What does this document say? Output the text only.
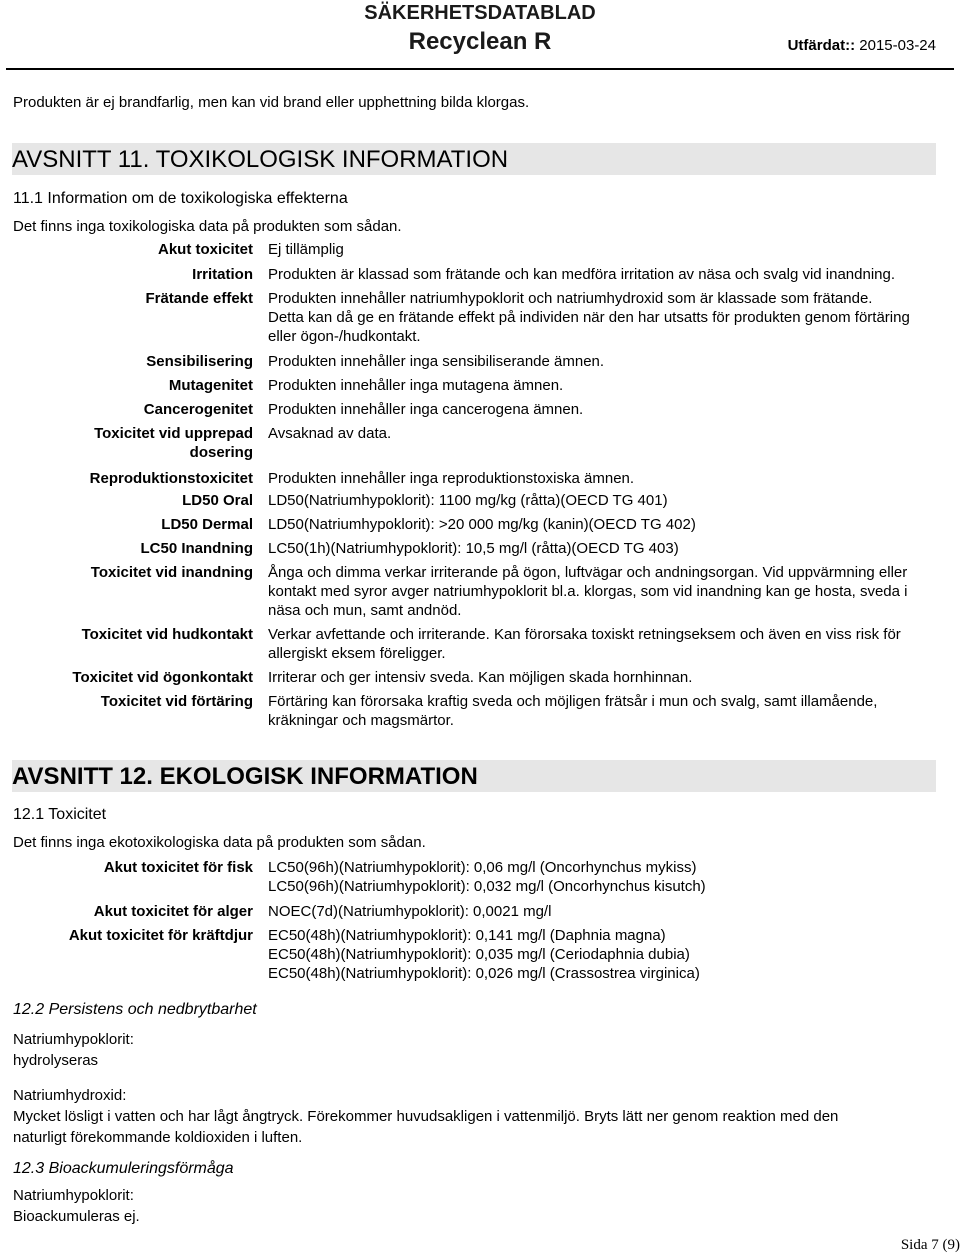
SÄKERHETSDATABLAD
Recyclean R	Utfärdat:: 2015-03-24
Produkten är ej brandfarlig, men kan vid brand eller upphettning bilda klorgas.
AVSNITT 11. TOXIKOLOGISK INFORMATION
11.1 Information om de toxikologiska effekterna
Det finns inga toxikologiska data på produkten som sådan.
Akut toxicitet Ej tillämplig
Irritation Produkten är klassad som frätande och kan medföra irritation av näsa och svalg vid inandning.
Frätande effekt Produkten innehåller natriumhypoklorit och natriumhydroxid som är klassade som frätande.
Detta kan då ge en frätande effekt på individen när den har utsatts för produkten genom förtäring
eller ögon-/hudkontakt.
Sensibilisering Produkten innehåller inga sensibiliserande ämnen.
Mutagenitet Produkten innehåller inga mutagena ämnen.
Cancerogenitet Produkten innehåller inga cancerogena ämnen.
Toxicitet vid upprepad
dosering
Avsaknad av data.
Reproduktionstoxicitet Produkten innehåller inga reproduktionstoxiska ämnen.
LD50 Oral LD50(Natriumhypoklorit): 1100 mg/kg (råtta)(OECD TG 401)
LD50 Dermal LD50(Natriumhypoklorit): >20 000 mg/kg (kanin)(OECD TG 402)
LC50 Inandning LC50(1h)(Natriumhypoklorit): 10,5 mg/l (råtta)(OECD TG 403)
Toxicitet vid inandning Ånga och dimma verkar irriterande på ögon, luftvägar och andningsorgan. Vid uppvärmning eller
kontakt med syror avger natriumhypoklorit bl.a. klorgas, som vid inandning kan ge hosta, sveda i
näsa och mun, samt andnöd.
Toxicitet vid hudkontakt Verkar avfettande och irriterande. Kan förorsaka toxiskt retningseksem och även en viss risk för
allergiskt eksem föreligger.
Toxicitet vid ögonkontakt Irriterar och ger intensiv sveda. Kan möjligen skada hornhinnan.
Toxicitet vid förtäring Förtäring kan förorsaka kraftig sveda och möjligen frätsår i mun och svalg, samt illamående,
kräkningar och magsmärtor.
AVSNITT 12. EKOLOGISK INFORMATION
12.1 Toxicitet
Det finns inga ekotoxikologiska data på produkten som sådan.
Akut toxicitet för fisk LC50(96h)(Natriumhypoklorit): 0,06 mg/l (Oncorhynchus mykiss)
LC50(96h)(Natriumhypoklorit): 0,032 mg/l (Oncorhynchus kisutch)
Akut toxicitet för alger NOEC(7d)(Natriumhypoklorit): 0,0021 mg/l
Akut toxicitet för kräftdjur EC50(48h)(Natriumhypoklorit): 0,141 mg/l (Daphnia magna)
EC50(48h)(Natriumhypoklorit): 0,035 mg/l (Ceriodaphnia dubia)
EC50(48h)(Natriumhypoklorit): 0,026 mg/l (Crassostrea virginica)
12.2 Persistens och nedbrytbarhet
Natriumhypoklorit:
hydrolyseras
Natriumhydroxid:
Mycket lösligt i vatten och har lågt ångtryck. Förekommer huvudsakligen i vattenmiljö. Bryts lätt ner genom reaktion med den
naturligt förekommande koldioxiden i luften.
12.3 Bioackumuleringsförmåga
Natriumhypoklorit:
Bioackumuleras ej.
Sida 7 (9)
